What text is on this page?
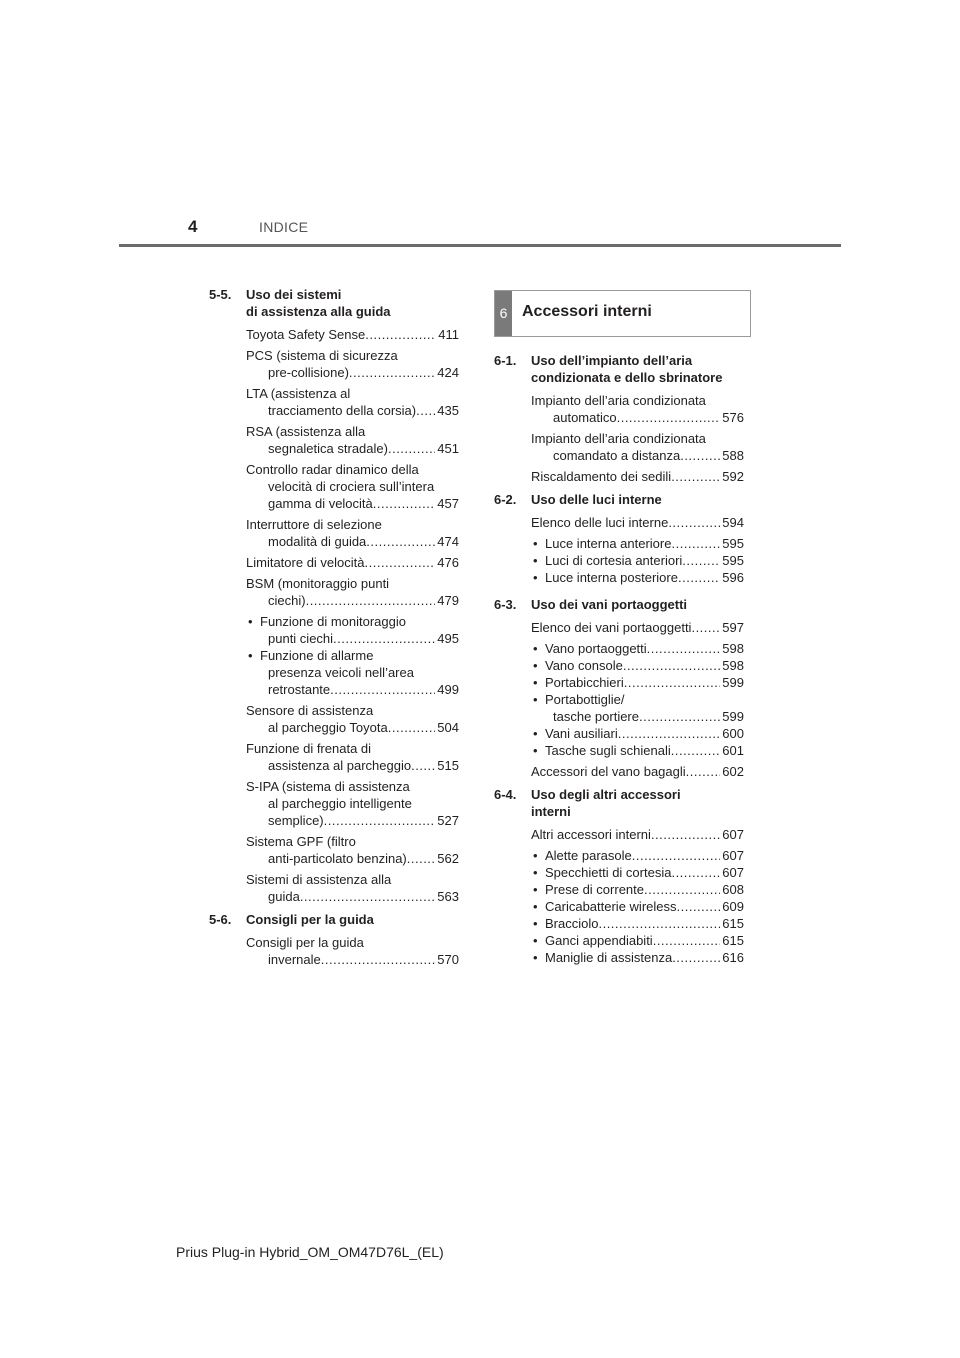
4	INDICE
5-5.	Uso dei sistemi
di assistenza alla guida
Toyota Safety Sense .....	411
PCS (sistema di sicurezza
pre-collisione) .....	424
LTA (assistenza al
tracciamento della corsia) ..... 435
RSA (assistenza alla
segnaletica stradale) .....	451
Controllo radar dinamico della
velocità di crociera sull’intera
gamma di velocità .....	457
Interruttore di selezione
modalità di guida .....	474
Limitatore di velocità .....	476
BSM (monitoraggio punti
ciechi) .....	479
• Funzione di monitoraggio
punti ciechi .....	495
• Funzione di allarme
presenza veicoli nell’area
retrostante .....	499
Sensore di assistenza
al parcheggio Toyota .....	504
Funzione di frenata di
assistenza al parcheggio ..... 515
S-IPA (sistema di assistenza
al parcheggio intelligente
semplice) .....	527
Sistema GPF (filtro
anti-particolato benzina) ..... 562
Sistemi di assistenza alla
guida .....	563
5-6.	Consigli per la guida
Consigli per la guida
invernale .....	570
6 Accessori interni
6-1.	Uso dell’impianto dell’aria
condizionata e dello sbrinatore
Impianto dell’aria condizionata
automatico .....	576
Impianto dell’aria condizionata
comandato a distanza .....	588
Riscaldamento dei sedili .....	592
6-2.	Uso delle luci interne
Elenco delle luci interne .....	594
• Luce interna anteriore .....	595
• Luci di cortesia anteriori .....	595
• Luce interna posteriore .....	596
6-3.	Uso dei vani portaoggetti
Elenco dei vani portaoggetti ..... 597
• Vano portaoggetti .....	598
• Vano console .....	598
• Portabicchieri .....	599
• Portabottiglie/
tasche portiere .....	599
• Vani ausiliari .....	600
• Tasche sugli schienali .....	601
Accessori del vano bagagli .....	602
6-4.	Uso degli altri accessori
interni
Altri accessori interni .....	607
• Alette parasole .....	607
• Specchietti di cortesia .....	607
• Prese di corrente .....	608
• Caricabatterie wireless .....	609
• Bracciolo .....	615
• Ganci appendiabiti .....	615
• Maniglie di assistenza .....	616
Prius Plug-in Hybrid_OM_OM47D76L_(EL)
